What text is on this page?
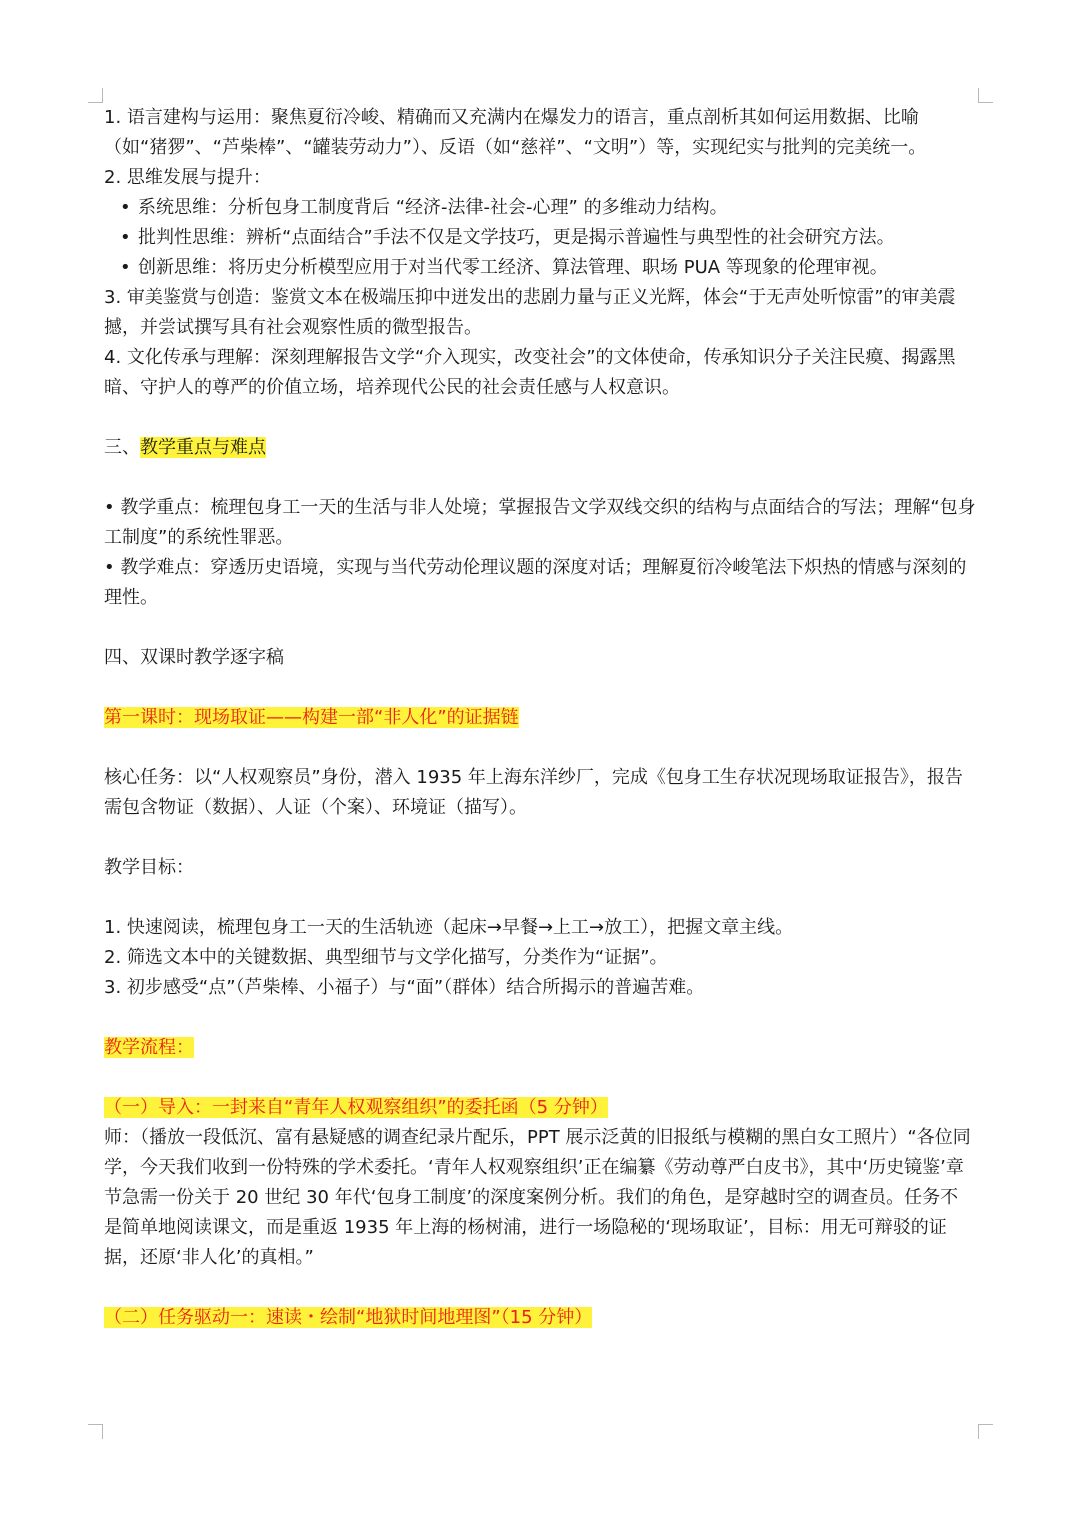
1. 语言建构与运用：聚焦夏衍冷峻、精确而又充满内在爆发力的语言，重点剖析其如何运用数据、比喻（如“猪猡”、“芦柴棒”、“罐装劳动力”）、反语（如“慈祥”、“文明”）等，实现纪实与批判的完美统一。

2. 思维发展与提升：

• 系统思维：分析包身工制度背后 “经济-法律-社会-心理” 的多维动力结构。

• 批判性思维：辨析“点面结合”手法不仅是文学技巧，更是揭示普遍性与典型性的社会研究方法。

• 创新思维：将历史分析模型应用于对当代零工经济、算法管理、职场 PUA 等现象的伦理审视。

3. 审美鉴赏与创造：鉴赏文本在极端压抑中迸发出的悲剧力量与正义光辉，体会“于无声处听惊雷”的审美震撼，并尝试撰写具有社会观察性质的微型报告。

4. 文化传承与理解：深刻理解报告文学“介入现实，改变社会”的文体使命，传承知识分子关注民瘼、揭露黑暗、守护人的尊严的价值立场，培养现代公民的社会责任感与人权意识。

三、教学重点与难点

• 教学重点：梳理包身工一天的生活与非人处境；掌握报告文学双线交织的结构与点面结合的写法；理解“包身工制度”的系统性罪恶。

• 教学难点：穿透历史语境，实现与当代劳动伦理议题的深度对话；理解夏衍冷峻笔法下炽热的情感与深刻的理性。

四、双课时教学逐字稿

第一课时：现场取证——构建一部“非人化”的证据链

核心任务：以“人权观察员”身份，潜入 1935 年上海东洋纱厂，完成《包身工生存状况现场取证报告》，报告需包含物证（数据）、人证（个案）、环境证（描写）。

教学目标：

1. 快速阅读，梳理包身工一天的生活轨迹（起床→早餐→上工→放工），把握文章主线。

2. 筛选文本中的关键数据、典型细节与文学化描写，分类作为“证据”。

3. 初步感受“点”（芦柴棒、小福子）与“面”（群体）结合所揭示的普遍苦难。

教学流程：

（一）导入：一封来自“青年人权观察组织”的委托函（5 分钟）

师：（播放一段低沉、富有悬疑感的调查纪录片配乐，PPT 展示泛黄的旧报纸与模糊的黑白女工照片）“各位同学，今天我们收到一份特殊的学术委托。‘青年人权观察组织’正在编纂《劳动尊严白皮书》，其中‘历史镜鉴’章节急需一份关于 20 世纪 30 年代‘包身工制度’的深度案例分析。我们的角色，是穿越时空的调查员。任务不是简单地阅读课文，而是重返 1935 年上海的杨树浦，进行一场隐秘的‘现场取证’，目标：用无可辩驳的证据，还原‘非人化’的真相。”

（二）任务驱动一：速读・绘制“地狱时间地理图”（15 分钟）
